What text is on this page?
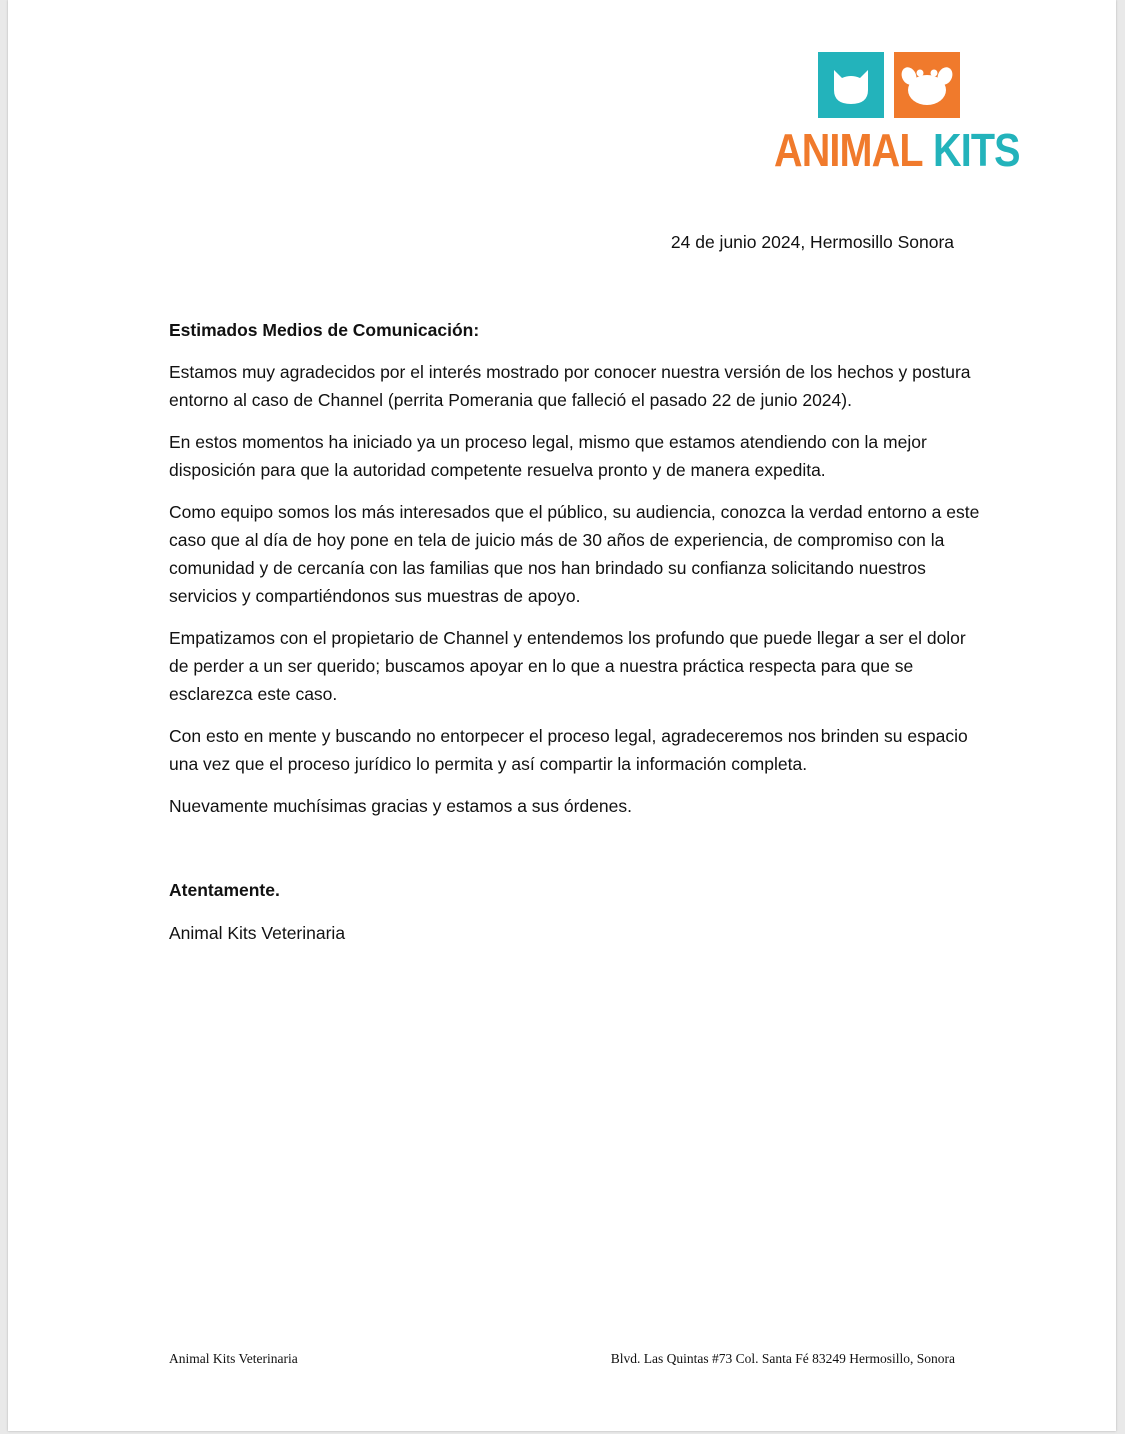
ANIMAL KITS
24 de junio 2024, Hermosillo Sonora

Estimados Medios de Comunicación:

Estamos muy agradecidos por el interés mostrado por conocer nuestra versión de los hechos y postura entorno al caso de Channel (perrita Pomerania que falleció el pasado 22 de junio 2024).

En estos momentos ha iniciado ya un proceso legal, mismo que estamos atendiendo con la mejor disposición para que la autoridad competente resuelva pronto y de manera expedita.

Como equipo somos los más interesados que el público, su audiencia, conozca la verdad entorno a este caso que al día de hoy pone en tela de juicio más de 30 años de experiencia, de compromiso con la comunidad y de cercanía con las familias que nos han brindado su confianza solicitando nuestros servicios y compartiéndonos sus muestras de apoyo.

Empatizamos con el propietario de Channel y entendemos los profundo que puede llegar a ser el dolor de perder a un ser querido; buscamos apoyar en lo que a nuestra práctica respecta para que se esclarezca este caso.

Con esto en mente y buscando no entorpecer el proceso legal, agradeceremos nos brinden su espacio una vez que el proceso jurídico lo permita y así compartir la información completa.

Nuevamente muchísimas gracias y estamos a sus órdenes.

Atentamente.
Animal Kits Veterinaria
Animal Kits Veterinaria	Blvd. Las Quintas #73 Col. Santa Fé 83249 Hermosillo, Sonora
